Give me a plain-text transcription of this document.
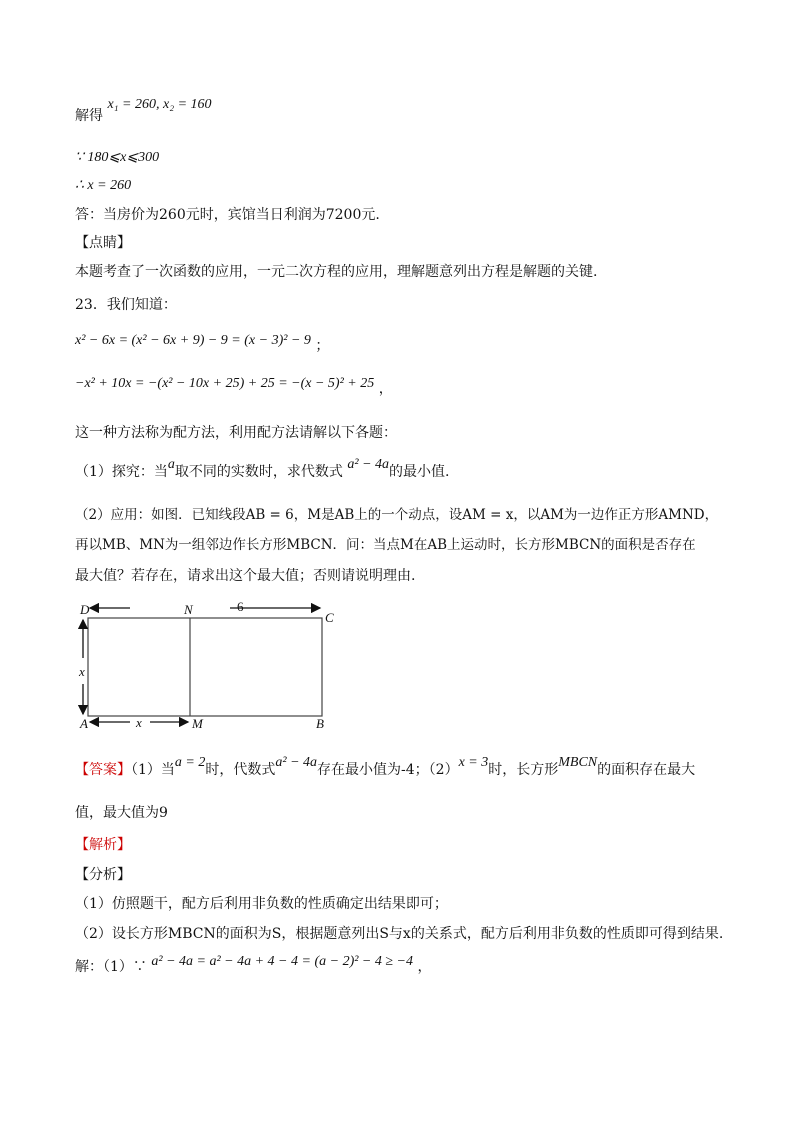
解得 x₁ = 260, x₂ = 160
∵ 180⩽x⩽300
∴ x = 260
答：当房价为260元时，宾馆当日利润为7200元.
【点睛】
本题考查了一次函数的应用，一元二次方程的应用，理解题意列出方程是解题的关键.
23．我们知道：
x² − 6x = (x² − 6x + 9) − 9 = (x − 3)² − 9 ；
−x² + 10x = −(x² − 10x + 25) + 25 = −(x − 5)² + 25 ，
这一种方法称为配方法，利用配方法请解以下各题：
（1）探究：当a取不同的实数时，求代数式 a² − 4a的最小值.
（2）应用：如图．已知线段AB = 6，M是AB上的一个动点，设AM = x，以AM为一边作正方形AMND，
再以MB、MN为一组邻边作长方形MBCN．问：当点M在AB上运动时，长方形MBCN的面积是否存在
最大值？若存在，请求出这个最大值；否则请说明理由.
D	N
C
A	M	B
6
x
x
【答案】（1）当a = 2时，代数式a² − 4a存在最小值为-4；（2）x = 3时，长方形MBCN的面积存在最大
值，最大值为9
【解析】
【分析】
（1）仿照题干，配方后利用非负数的性质确定出结果即可；
（2）设长方形MBCN的面积为S，根据题意列出S与x的关系式，配方后利用非负数的性质即可得到结果.
解：（1）∵ a² − 4a = a² − 4a + 4 − 4 = (a − 2)² − 4 ≥ −4 ，
